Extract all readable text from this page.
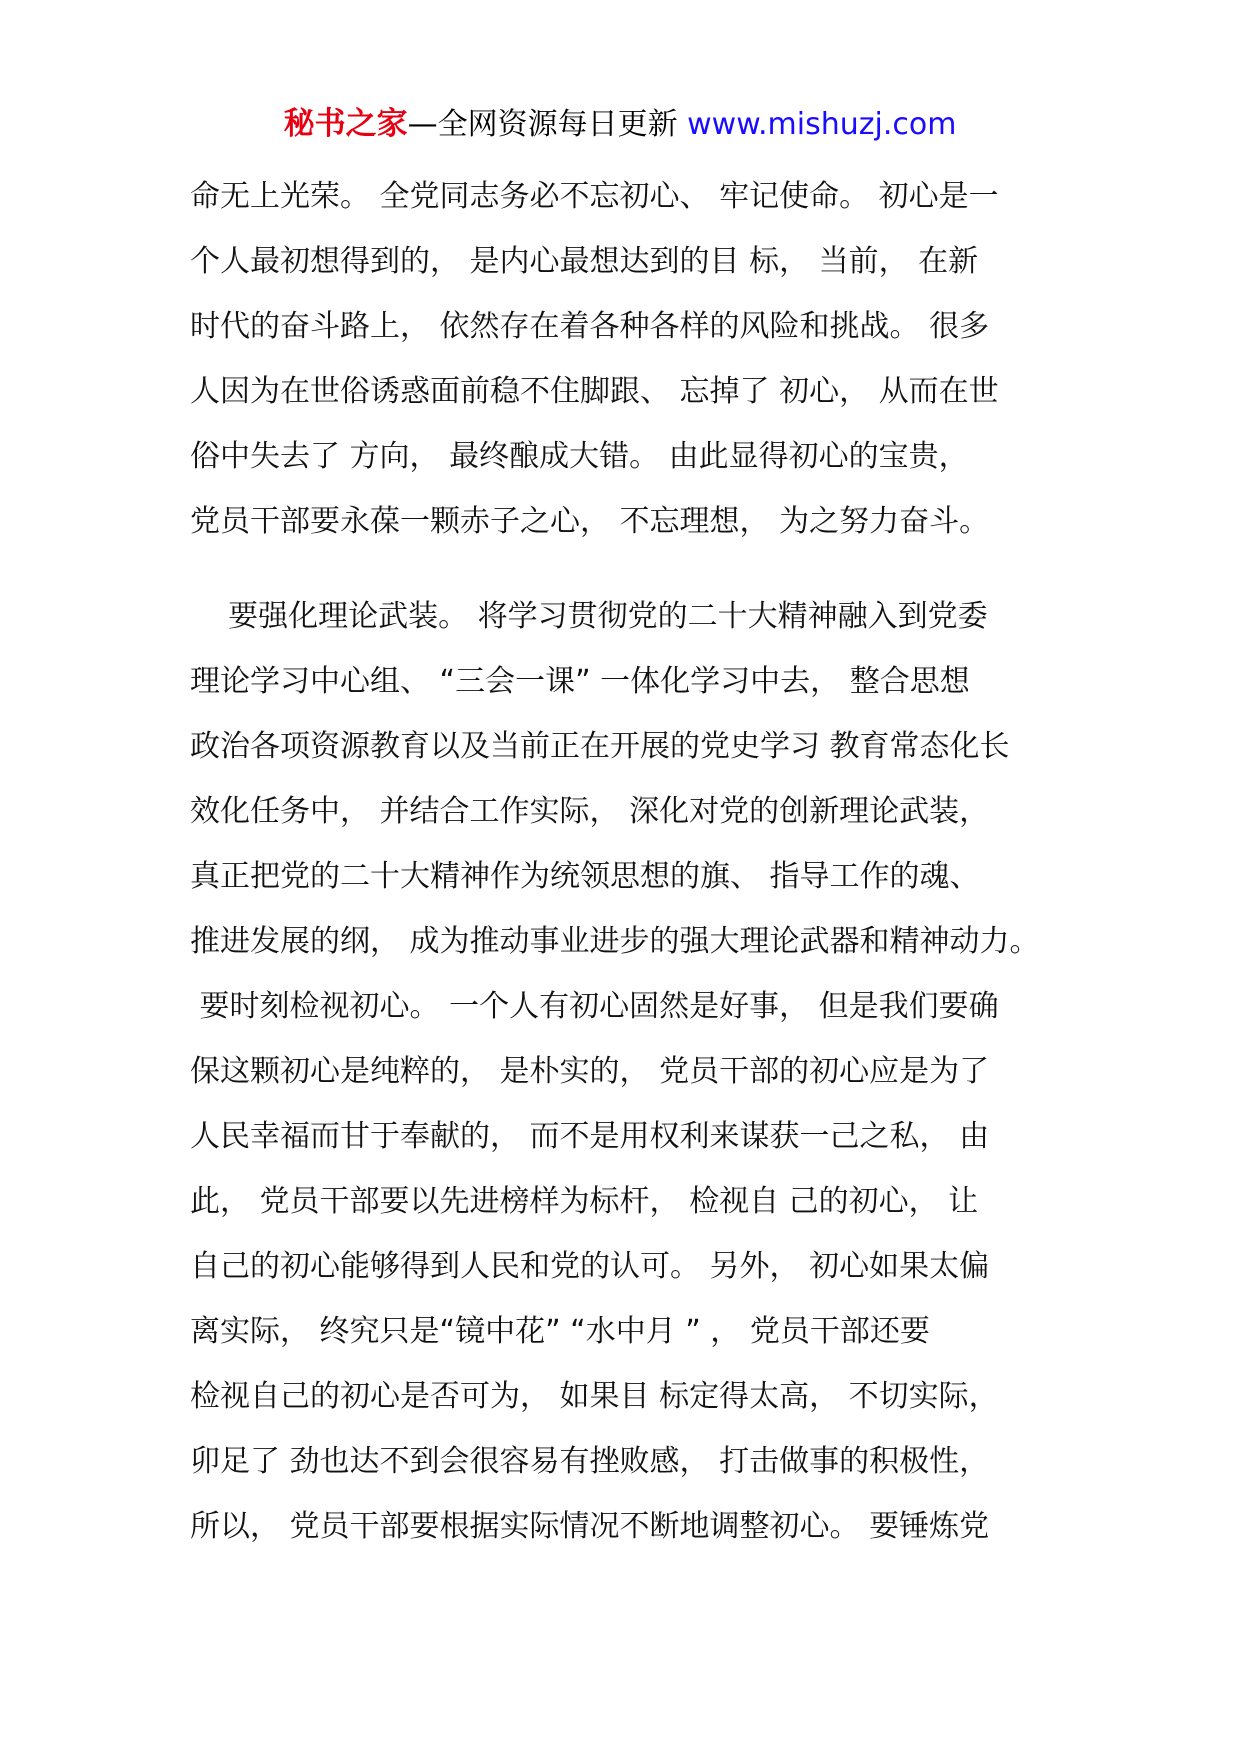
秘书之家—全网资源每日更新 www.mishuzj.com
命无上光荣。 全党同志务必不忘初心、 牢记使命。 初心是一
个人最初想得到的， 是内心最想达到的目 标， 当前， 在新
时代的奋斗路上， 依然存在着各种各样的风险和挑战。 很多
人因为在世俗诱惑面前稳不住脚跟、 忘掉了 初心， 从而在世
俗中失去了 方向， 最终酿成大错。 由此显得初心的宝贵，
党员干部要永葆一颗赤子之心， 不忘理想， 为之努力奋斗。
要强化理论武装。 将学习贯彻党的二十大精神融入到党委
理论学习中心组、 “三会一课” 一体化学习中去， 整合思想
政治各项资源教育以及当前正在开展的党史学习 教育常态化长
效化任务中， 并结合工作实际， 深化对党的创新理论武装，
真正把党的二十大精神作为统领思想的旗、 指导工作的魂、
推进发展的纲， 成为推动事业进步的强大理论武器和精神动力。
要时刻检视初心。 一个人有初心固然是好事， 但是我们要确
保这颗初心是纯粹的， 是朴实的， 党员干部的初心应是为了
人民幸福而甘于奉献的， 而不是用权利来谋获一己之私， 由
此， 党员干部要以先进榜样为标杆， 检视自 己的初心， 让
自己的初心能够得到人民和党的认可。 另外， 初心如果太偏
离实际， 终究只是“镜中花” “水中月 ” ， 党员干部还要
检视自己的初心是否可为， 如果目 标定得太高， 不切实际，
卯足了 劲也达不到会很容易有挫败感， 打击做事的积极性，
所以， 党员干部要根据实际情况不断地调整初心。 要锤炼党
